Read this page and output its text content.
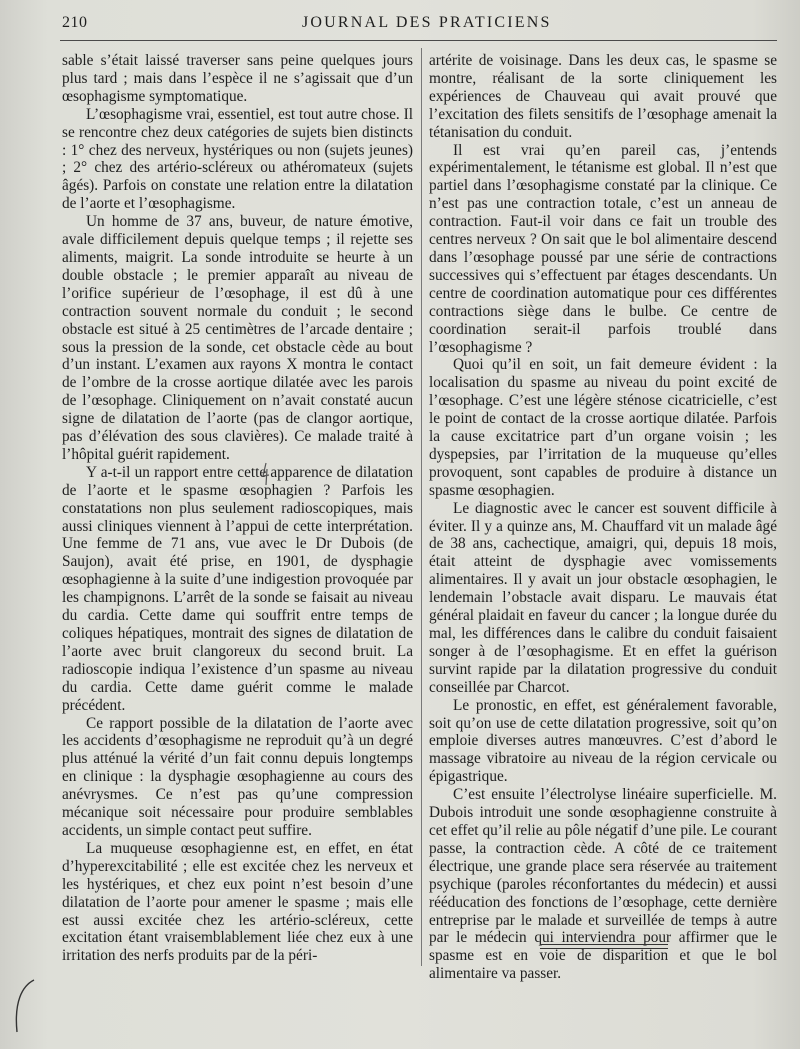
210	JOURNAL DES PRATICIENS

sable s’était laissé traverser sans peine quelques jours plus tard ; mais dans l’espèce il ne s’agissait que d’un œsophagisme symptomatique.

L’œsophagisme vrai, essentiel, est tout autre chose. Il se rencontre chez deux catégories de sujets bien distincts : 1° chez des nerveux, hystériques ou non (sujets jeunes) ; 2° chez des artério-scléreux ou athéromateux (sujets âgés). Parfois on constate une relation entre la dilatation de l’aorte et l’œsophagisme.

Un homme de 37 ans, buveur, de nature émotive, avale difficilement depuis quelque temps ; il rejette ses aliments, maigrit. La sonde introduite se heurte à un double obstacle ; le premier apparaît au niveau de l’orifice supérieur de l’œsophage, il est dû à une contraction souvent normale du conduit ; le second obstacle est situé à 25 centimètres de l’arcade dentaire ; sous la pression de la sonde, cet obstacle cède au bout d’un instant. L’examen aux rayons X montra le contact de l’ombre de la crosse aortique dilatée avec les parois de l’œsophage. Cliniquement on n’avait constaté aucun signe de dilatation de l’aorte (pas de clangor aortique, pas d’élévation des sous clavières). Ce malade traité à l’hôpital guérit rapidement.

Y a-t-il un rapport entre cette apparence de dilatation de l’aorte et le spasme œsophagien ? Parfois les constatations non plus seulement radioscopiques, mais aussi cliniques viennent à l’appui de cette interprétation. Une femme de 71 ans, vue avec le Dr Dubois (de Saujon), avait été prise, en 1901, de dysphagie œsophagienne à la suite d’une indigestion provoquée par les champignons. L’arrêt de la sonde se faisait au niveau du cardia. Cette dame qui souffrit entre temps de coliques hépatiques, montrait des signes de dilatation de l’aorte avec bruit clangoreux du second bruit. La radioscopie indiqua l’existence d’un spasme au niveau du cardia. Cette dame guérit comme le malade précédent.

Ce rapport possible de la dilatation de l’aorte avec les accidents d’œsophagisme ne reproduit qu’à un degré plus atténué la vérité d’un fait connu depuis longtemps en clinique : la dysphagie œsophagienne au cours des anévrysmes. Ce n’est pas qu’une compression mécanique soit nécessaire pour produire semblables accidents, un simple contact peut suffire.

La muqueuse œsophagienne est, en effet, en état d’hyperexcitabilité ; elle est excitée chez les nerveux et les hystériques, et chez eux point n’est besoin d’une dilatation de l’aorte pour amener le spasme ; mais elle est aussi excitée chez les artério-scléreux, cette excitation étant vraisemblablement liée chez eux à une irritation des nerfs produits par de la péri-

artérite de voisinage. Dans les deux cas, le spasme se montre, réalisant de la sorte cliniquement les expériences de Chauveau qui avait prouvé que l’excitation des filets sensitifs de l’œsophage amenait la tétanisation du conduit.

Il est vrai qu’en pareil cas, j’entends expérimentalement, le tétanisme est global. Il n’est que partiel dans l’œsophagisme constaté par la clinique. Ce n’est pas une contraction totale, c’est un anneau de contraction. Faut-il voir dans ce fait un trouble des centres nerveux ? On sait que le bol alimentaire descend dans l’œsophage poussé par une série de contractions successives qui s’effectuent par étages descendants. Un centre de coordination automatique pour ces différentes contractions siège dans le bulbe. Ce centre de coordination serait-il parfois troublé dans l’œsophagisme ?

Quoi qu’il en soit, un fait demeure évident : la localisation du spasme au niveau du point excité de l’œsophage. C’est une légère sténose cicatricielle, c’est le point de contact de la crosse aortique dilatée. Parfois la cause excitatrice part d’un organe voisin ; les dyspepsies, par l’irritation de la muqueuse qu’elles provoquent, sont capables de produire à distance un spasme œsophagien.

Le diagnostic avec le cancer est souvent difficile à éviter. Il y a quinze ans, M. Chauffard vit un malade âgé de 38 ans, cachectique, amaigri, qui, depuis 18 mois, était atteint de dysphagie avec vomissements alimentaires. Il y avait un jour obstacle œsophagien, le lendemain l’obstacle avait disparu. Le mauvais état général plaidait en faveur du cancer ; la longue durée du mal, les différences dans le calibre du conduit faisaient songer à de l’œsophagisme. Et en effet la guérison survint rapide par la dilatation progressive du conduit conseillée par Charcot.

Le pronostic, en effet, est généralement favorable, soit qu’on use de cette dilatation progressive, soit qu’on emploie diverses autres manœuvres. C’est d’abord le massage vibratoire au niveau de la région cervicale ou épigastrique.

C’est ensuite l’électrolyse linéaire superficielle. M. Dubois introduit une sonde œsophagienne construite à cet effet qu’il relie au pôle négatif d’une pile. Le courant passe, la contraction cède. A côté de ce traitement électrique, une grande place sera réservée au traitement psychique (paroles réconfortantes du médecin) et aussi rééducation des fonctions de l’œsophage, cette dernière entreprise par le malade et surveillée de temps à autre par le médecin qui interviendra pour affirmer que le spasme est en voie de disparition et que le bol alimentaire va passer.
